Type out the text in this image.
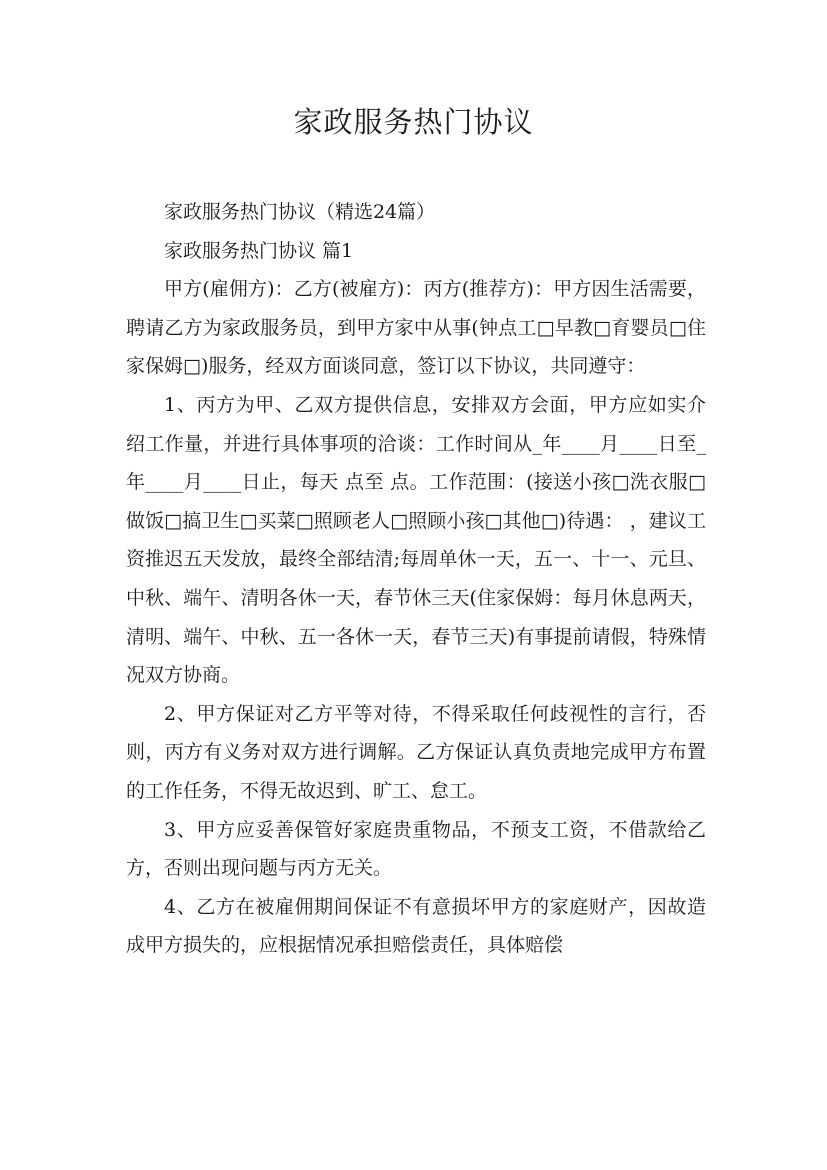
家政服务热门协议

家政服务热门协议（精选24篇）

家政服务热门协议 篇1

甲方(雇佣方)：乙方(被雇方)：丙方(推荐方)：甲方因生活需要，聘请乙方为家政服务员，到甲方家中从事(钟点工□早教□育婴员□住家保姆□)服务，经双方面谈同意，签订以下协议，共同遵守：

1、丙方为甲、乙双方提供信息，安排双方会面，甲方应如实介绍工作量，并进行具体事项的洽谈：工作时间从_年____月____日至_年____月____日止，每天 点至 点。工作范围：(接送小孩□洗衣服□做饭□搞卫生□买菜□照顾老人□照顾小孩□其他□)待遇： ，建议工资推迟五天发放，最终全部结清;每周单休一天，五一、十一、元旦、中秋、端午、清明各休一天，春节休三天(住家保姆：每月休息两天，清明、端午、中秋、五一各休一天，春节三天)有事提前请假，特殊情况双方协商。

2、甲方保证对乙方平等对待，不得采取任何歧视性的言行，否则，丙方有义务对双方进行调解。乙方保证认真负责地完成甲方布置的工作任务，不得无故迟到、旷工、怠工。

3、甲方应妥善保管好家庭贵重物品，不预支工资，不借款给乙方，否则出现问题与丙方无关。

4、乙方在被雇佣期间保证不有意损坏甲方的家庭财产，因故造成甲方损失的，应根据情况承担赔偿责任，具体赔偿
